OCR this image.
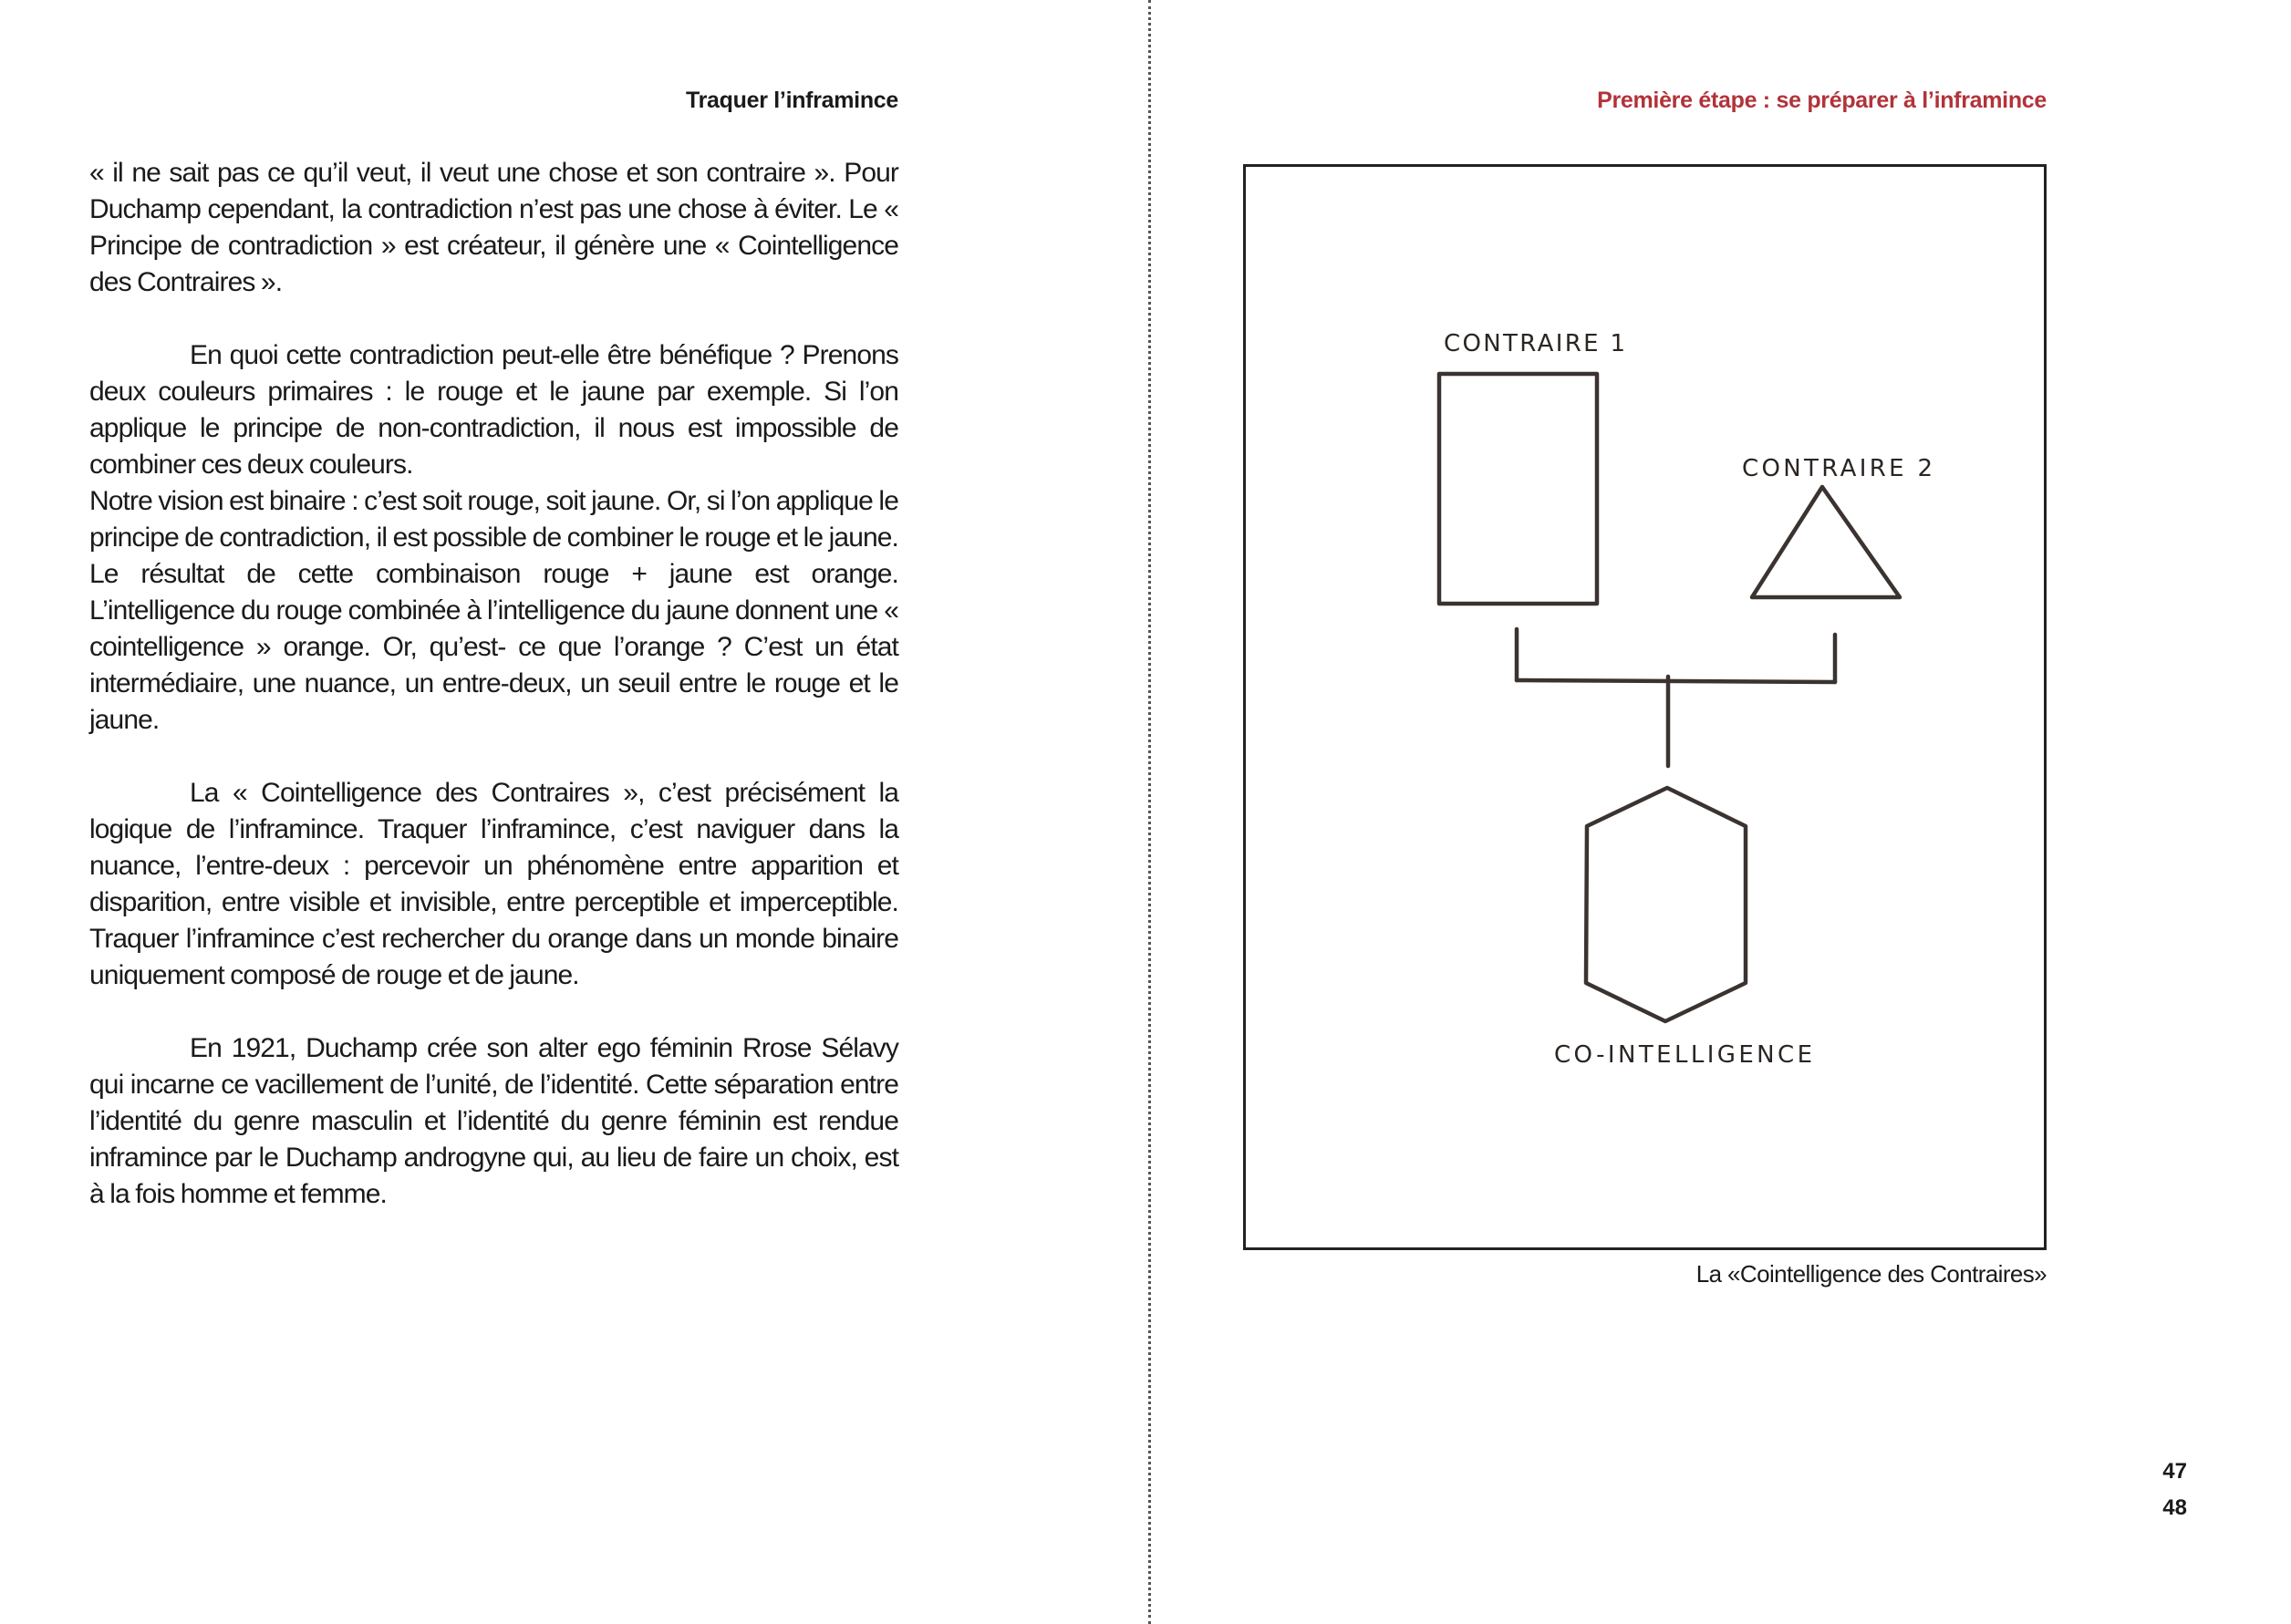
Traquer l’inframince

« il ne sait pas ce qu’il veut, il veut une chose et son contraire ». Pour Duchamp cependant, la contradiction n’est pas une chose à éviter. Le « Principe de contradiction » est créateur, il génère une « Cointelligence des Contraires ».

En quoi cette contradiction peut-elle être bénéfique ? Prenons deux couleurs primaires : le rouge et le jaune par exemple. Si l’on applique le principe de non-contradiction, il nous est impossible de combiner ces deux couleurs.

Notre vision est binaire : c’est soit rouge, soit jaune. Or, si l’on applique le principe de contradiction, il est possible de combiner le rouge et le jaune. Le résultat de cette combinaison rouge + jaune est orange. L’intelligence du rouge combinée à l’intelligence du jaune donnent une « cointelligence » orange. Or, qu’est- ce que l’orange ? C’est un état intermédiaire, une nuance, un entre-deux, un seuil entre le rouge et le jaune.

La « Cointelligence des Contraires », c’est précisément la logique de l’inframince. Traquer l’inframince, c’est naviguer dans la nuance, l’entre-deux : percevoir un phénomène entre apparition et disparition, entre visible et invisible, entre perceptible et imperceptible. Traquer l’inframince c’est rechercher du orange dans un monde binaire uniquement composé de rouge et de jaune.

En 1921, Duchamp crée son alter ego féminin Rrose Sélavy qui incarne ce vacillement de l’unité, de l’identité. Cette séparation entre l’identité du genre masculin et l’identité du genre féminin est rendue inframince par le Duchamp androgyne qui, au lieu de faire un choix, est à la fois homme et femme.

Première étape : se préparer à l’inframince
CONTRAIRE 1
CONTRAIRE 2
CO-INTELLIGENCE
La «Cointelligence des Contraires»
47
48
